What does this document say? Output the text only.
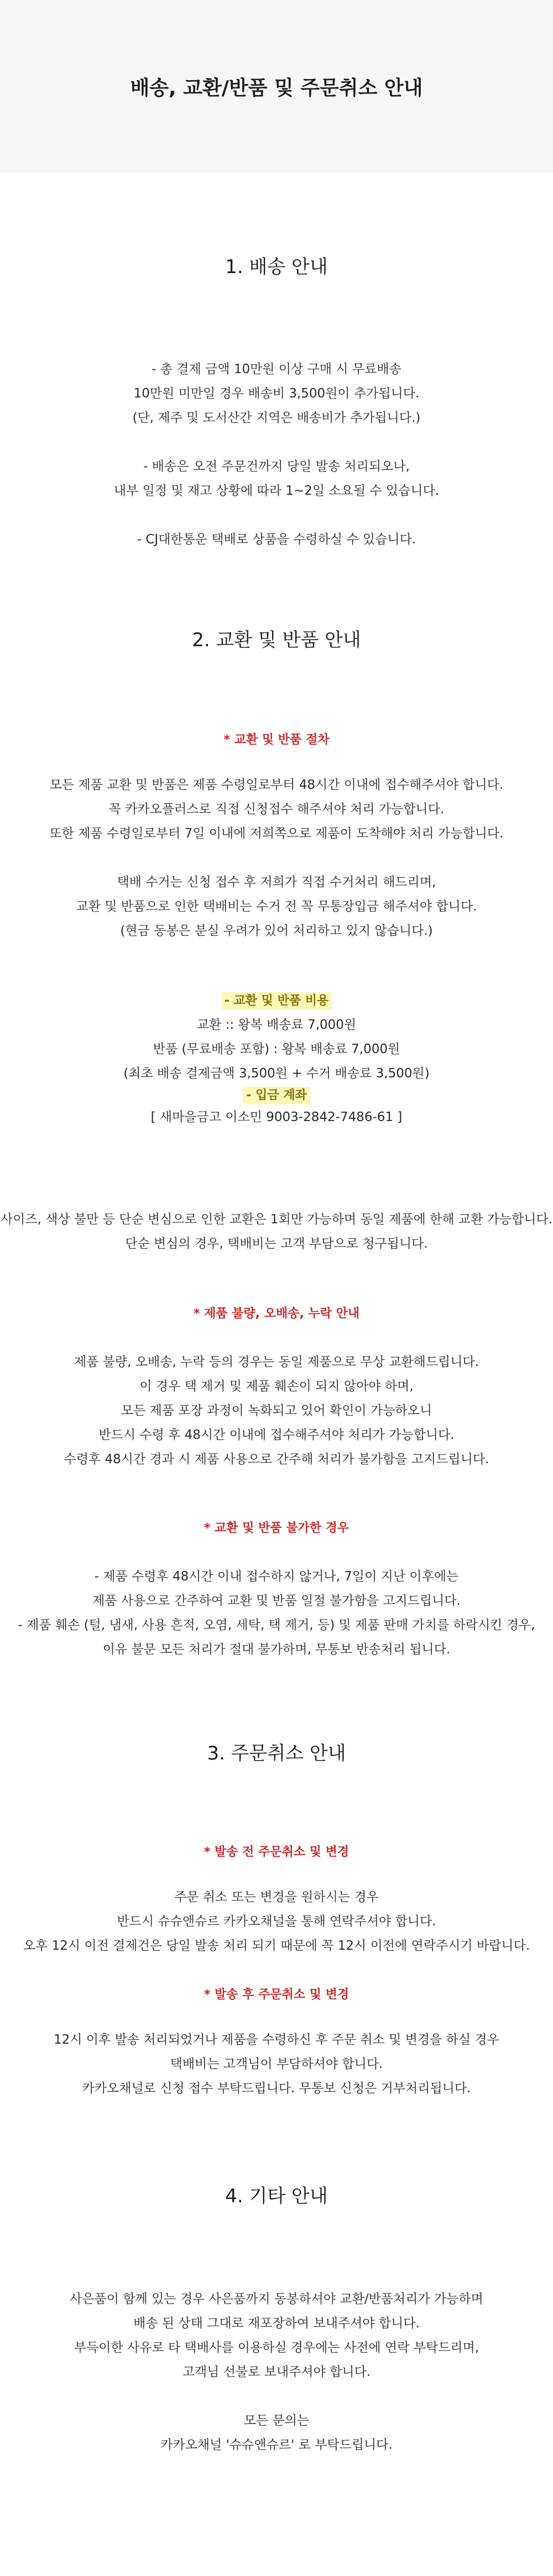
배송, 교환/반품 및 주문취소 안내
1. 배송 안내
- 총 결제 금액 10만원 이상 구매 시 무료배송
10만원 미만일 경우 배송비 3,500원이 추가됩니다.
(단, 제주 및 도서산간 지역은 배송비가 추가됩니다.)
- 배송은 오전 주문건까지 당일 발송 처리되오나,
내부 일정 및 재고 상황에 따라 1~2일 소요될 수 있습니다.
- CJ대한통운 택배로 상품을 수령하실 수 있습니다.
2. 교환 및 반품 안내
* 교환 및 반품 절차
모든 제품 교환 및 반품은 제품 수령일로부터 48시간 이내에 접수해주셔야 합니다.
꼭 카카오플러스로 직접 신청접수 해주셔야 처리 가능합니다.
또한 제품 수령일로부터 7일 이내에 저희쪽으로 제품이 도착해야 처리 가능합니다.
택배 수거는 신청 접수 후 저희가 직접 수거처리 해드리며,
교환 및 반품으로 인한 택배비는 수거 전 꼭 무통장입금 해주셔야 합니다.
(현금 동봉은 분실 우려가 있어 처리하고 있지 않습니다.)
- 교환 및 반품 비용
교환 :: 왕복 배송료 7,000원
반품 (무료배송 포함) : 왕복 배송료 7,000원
(최초 배송 결제금액 3,500원 + 수거 배송료 3,500원)
- 입금 계좌
[ 새마을금고 이소민 9003-2842-7486-61 ]
사이즈, 색상 불만 등 단순 변심으로 인한 교환은 1회만 가능하며 동일 제품에 한해 교환 가능합니다.
단순 변심의 경우, 택배비는 고객 부담으로 청구됩니다.
* 제품 불량, 오배송, 누락 안내
제품 불량, 오배송, 누락 등의 경우는 동일 제품으로 무상 교환해드립니다.
이 경우 택 제거 및 제품 훼손이 되지 않아야 하며,
모든 제품 포장 과정이 녹화되고 있어 확인이 가능하오니
반드시 수령 후 48시간 이내에 접수해주셔야 처리가 가능합니다.
수령후 48시간 경과 시 제품 사용으로 간주해 처리가 불가함을 고지드립니다.
* 교환 및 반품 불가한 경우
- 제품 수령후 48시간 이내 접수하지 않거나, 7일이 지난 이후에는
제품 사용으로 간주하여 교환 및 반품 일절 불가함을 고지드립니다.
- 제품 훼손 (털, 냄새, 사용 흔적, 오염, 세탁, 택 제거, 등) 및 제품 판매 가치를 하락시킨 경우,
이유 불문 모든 처리가 절대 불가하며, 무통보 반송처리 됩니다.
3. 주문취소 안내
* 발송 전 주문취소 및 변경
주문 취소 또는 변경을 원하시는 경우
반드시 슈슈앤슈르 카카오채널을 통해 연락주셔야 합니다.
오후 12시 이전 결제건은 당일 발송 처리 되기 때문에 꼭 12시 이전에 연락주시기 바랍니다.
* 발송 후 주문취소 및 변경
12시 이후 발송 처리되었거나 제품을 수령하신 후 주문 취소 및 변경을 하실 경우
택배비는 고객님이 부담하셔야 합니다.
카카오채널로 신청 접수 부탁드립니다. 무통보 신청은 거부처리됩니다.
4. 기타 안내
사은품이 함께 있는 경우 사은품까지 동봉하셔야 교환/반품처리가 가능하며
배송 된 상태 그대로 재포장하여 보내주셔야 합니다.
부득이한 사유로 타 택배사를 이용하실 경우에는 사전에 연락 부탁드리며,
고객님 선불로 보내주셔야 합니다.
모든 문의는
카카오채널 '슈슈앤슈르' 로 부탁드립니다.
